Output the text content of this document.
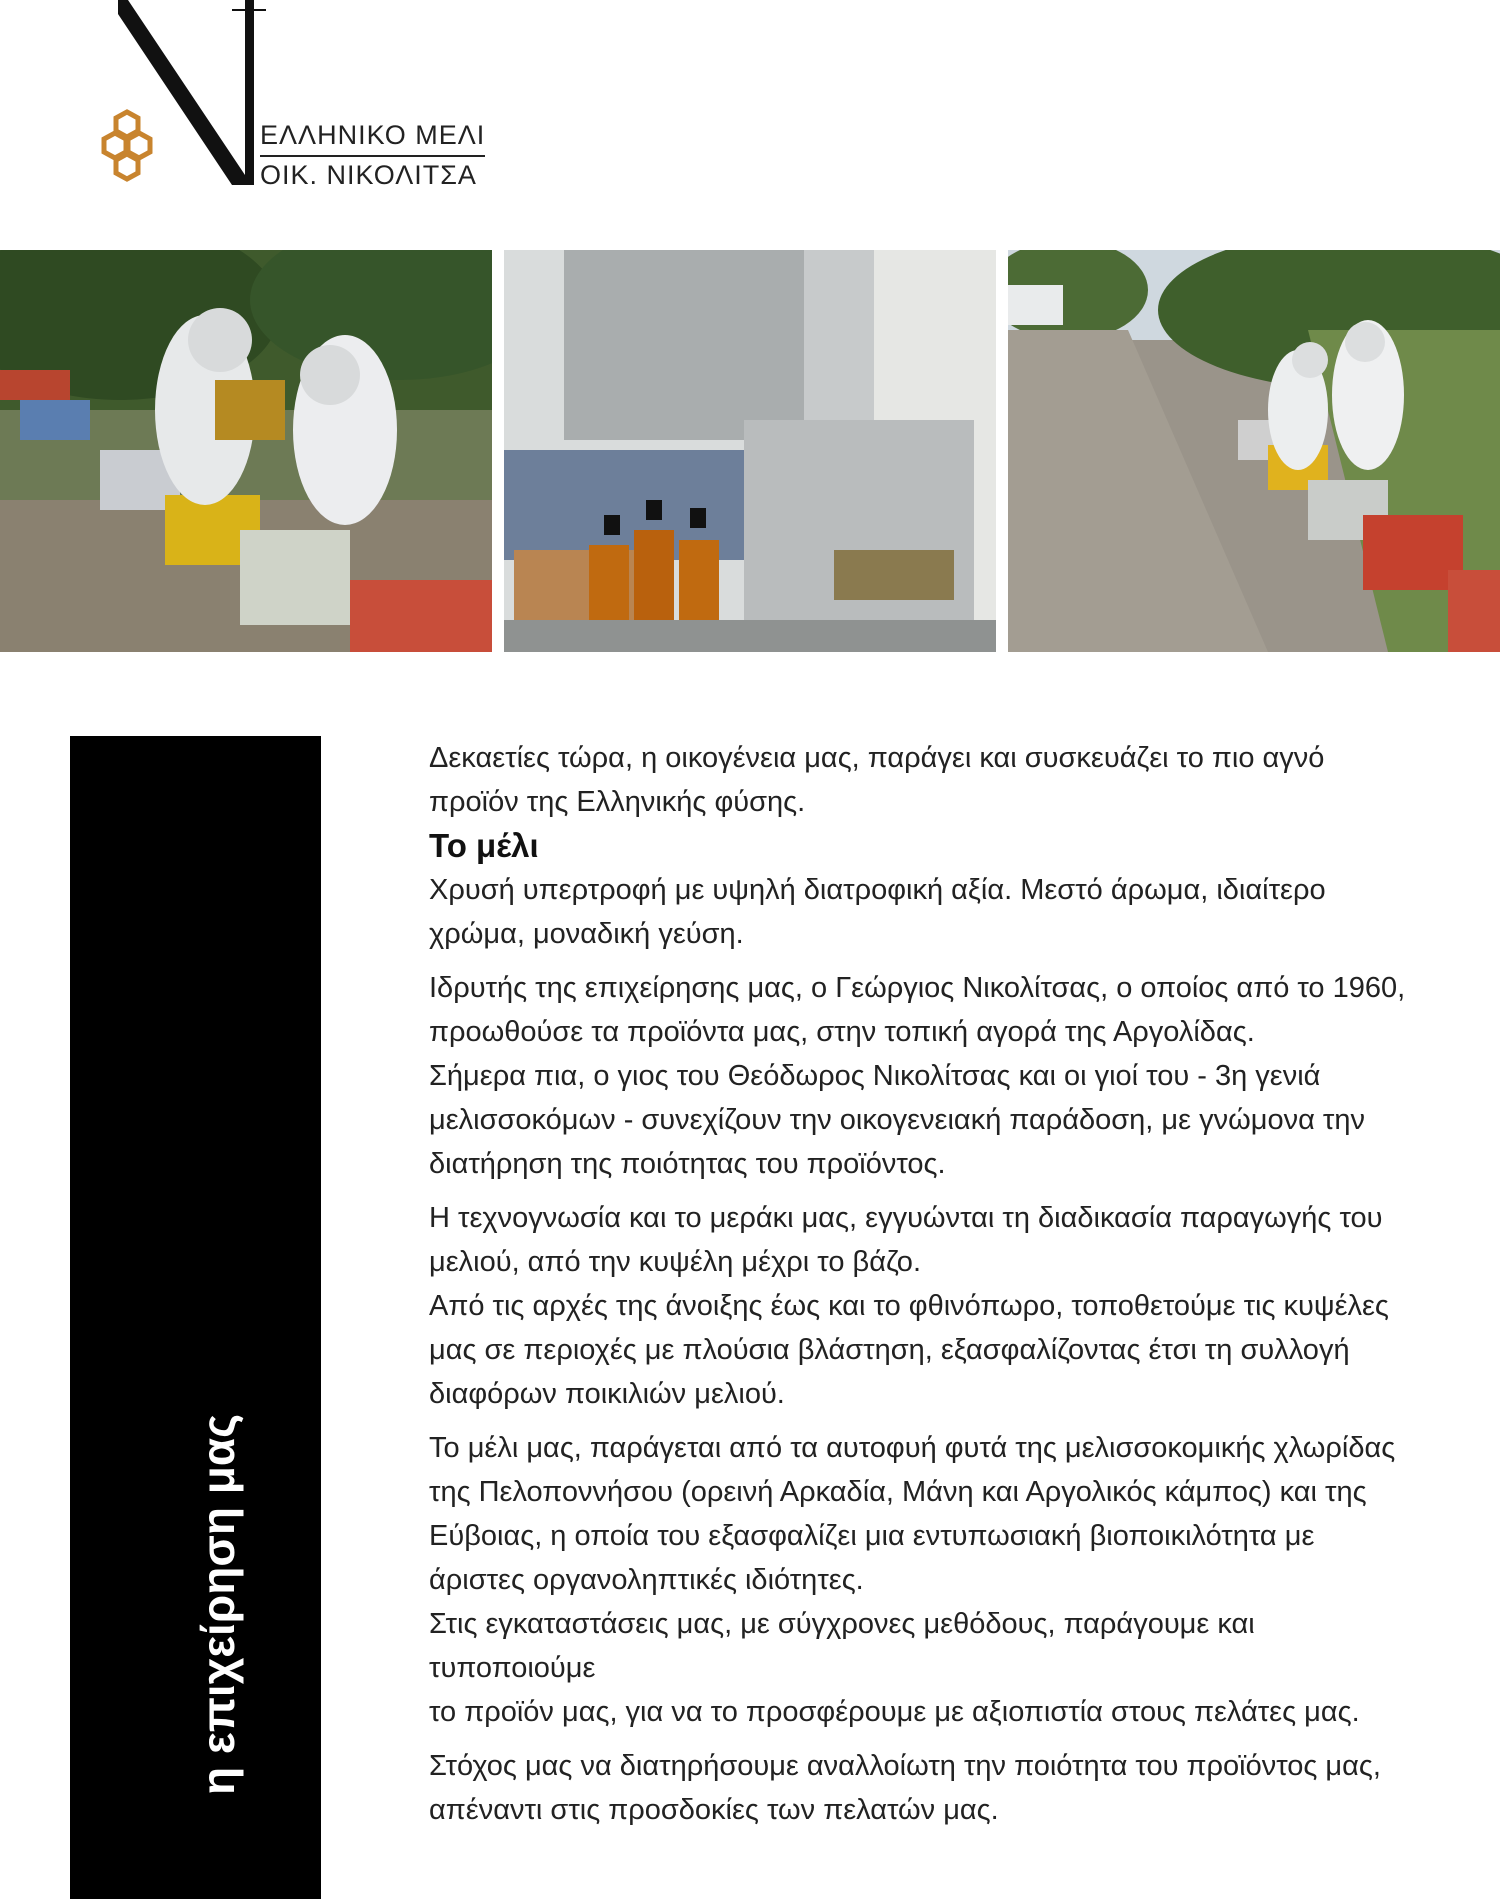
ΕΛΛΗΝΙΚΟ ΜΕΛΙ
ΟΙΚ. ΝΙΚΟΛΙΤΣΑ
η επιχείρηση μας

Δεκαετίες τώρα, η οικογένεια μας, παράγει και συσκευάζει το πιο αγνό
προϊόν της Ελληνικής φύσης.
Το μέλι
Χρυσή υπερτροφή με υψηλή διατροφική αξία. Μεστό άρωμα, ιδιαίτερο
χρώμα, μοναδική γεύση.

Ιδρυτής της επιχείρησης μας, ο Γεώργιος Νικολίτσας, ο οποίος από το 1960,
προωθούσε τα προϊόντα μας, στην τοπική αγορά της Αργολίδας.
Σήμερα πια, ο γιος του Θεόδωρος Νικολίτσας και οι γιοί του - 3η γενιά
μελισσοκόμων - συνεχίζουν την οικογενειακή παράδοση, με γνώμονα την
διατήρηση της ποιότητας του προϊόντος.

Η τεχνογνωσία και το μεράκι μας, εγγυώνται τη διαδικασία παραγωγής του
μελιού, από την κυψέλη μέχρι το βάζο.
Από τις αρχές της άνοιξης έως και το φθινόπωρο, τοποθετούμε τις κυψέλες
μας σε περιοχές με πλούσια βλάστηση, εξασφαλίζοντας έτσι τη συλλογή
διαφόρων ποικιλιών μελιού.

Το μέλι μας, παράγεται από τα αυτοφυή φυτά της μελισσοκομικής χλωρίδας
της Πελοποννήσου (ορεινή Αρκαδία, Μάνη και Αργολικός κάμπος) και της
Εύβοιας, η οποία του εξασφαλίζει μια εντυπωσιακή βιοποικιλότητα με
άριστες οργανοληπτικές ιδιότητες.
Στις εγκαταστάσεις μας, με σύγχρονες μεθόδους, παράγουμε και τυποποιούμε
το προϊόν μας, για να το προσφέρουμε με αξιοπιστία στους πελάτες μας.

Στόχος μας να διατηρήσουμε αναλλοίωτη την ποιότητα του προϊόντος μας,
απέναντι στις προσδοκίες των πελατών μας.
